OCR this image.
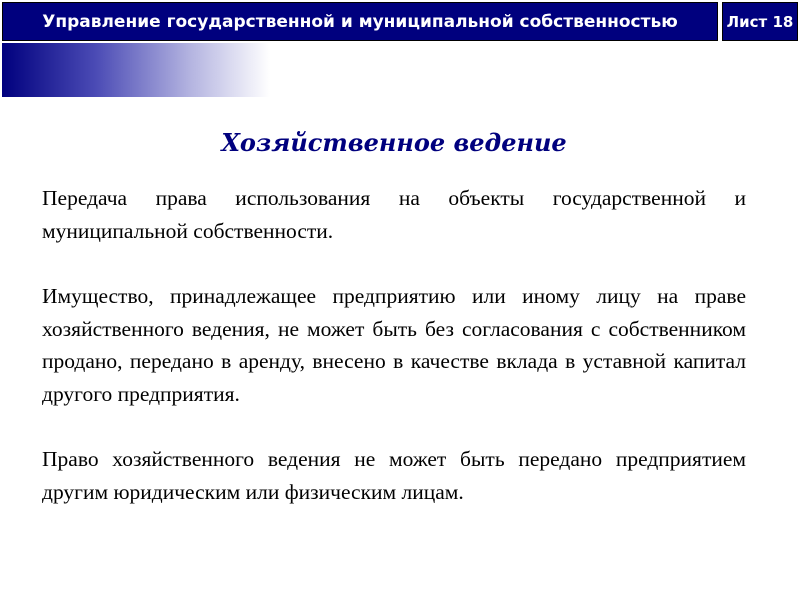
Управление государственной и муниципальной собственностью	Лист 18
Хозяйственное ведение

Передача права использования на объекты государственной и муниципальной собственности.

Имущество, принадлежащее предприятию или иному лицу на праве хозяйственного ведения, не может быть без согласования с собственником продано, передано в аренду, внесено в качестве вклада в уставной капитал другого предприятия.

Право хозяйственного ведения не может быть передано предприятием другим юридическим или физическим лицам.
